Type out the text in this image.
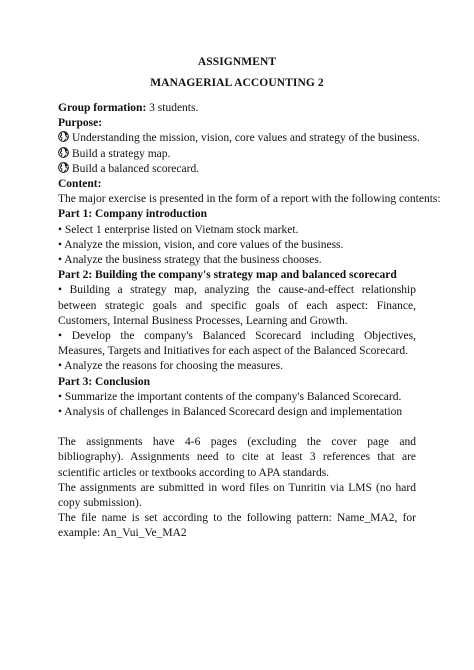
ASSIGNMENT
MANAGERIAL ACCOUNTING 2
Group formation: 3 students.
Purpose:
Understanding the mission, vision, core values and strategy of the business.
Build a strategy map.
Build a balanced scorecard.
Content:
The major exercise is presented in the form of a report with the following contents:
Part 1: Company introduction
• Select 1 enterprise listed on Vietnam stock market.
• Analyze the mission, vision, and core values of the business.
• Analyze the business strategy that the business chooses.
Part 2: Building the company's strategy map and balanced scorecard
• Building a strategy map, analyzing the cause-and-effect relationship between strategic goals and specific goals of each aspect: Finance, Customers, Internal Business Processes, Learning and Growth.
• Develop the company's Balanced Scorecard including Objectives, Measures, Targets and Initiatives for each aspect of the Balanced Scorecard.
• Analyze the reasons for choosing the measures.
Part 3: Conclusion
• Summarize the important contents of the company's Balanced Scorecard.
• Analysis of challenges in Balanced Scorecard design and implementation
The assignments have 4-6 pages (excluding the cover page and bibliography). Assignments need to cite at least 3 references that are scientific articles or textbooks according to APA standards.
The assignments are submitted in word files on Tunritin via LMS (no hard copy submission).
The file name is set according to the following pattern: Name_MA2, for example: An_Vui_Ve_MA2
